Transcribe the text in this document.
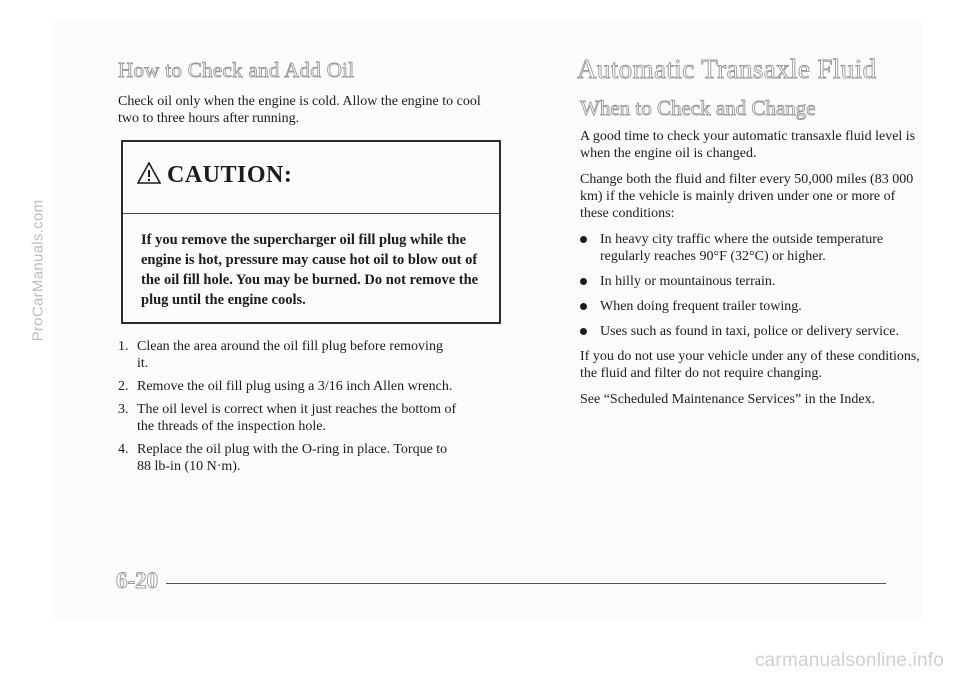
ProCarManuals.com
How to Check and Add Oil

Check oil only when the engine is cold. Allow the engine to cool two to three hours after running.

CAUTION:
If you remove the supercharger oil fill plug while the engine is hot, pressure may cause hot oil to blow out of the oil fill hole. You may be burned. Do not remove the plug until the engine cools.
1. Clean the area around the oil fill plug before removing it.
2. Remove the oil fill plug using a 3/16 inch Allen wrench.
3. The oil level is correct when it just reaches the bottom of the threads of the inspection hole.
4. Replace the oil plug with the O-ring in place. Torque to 88 lb-in (10 N·m).
Automatic Transaxle Fluid
When to Check and Change

A good time to check your automatic transaxle fluid level is when the engine oil is changed.

Change both the fluid and filter every 50,000 miles (83 000 km) if the vehicle is mainly driven under one or more of these conditions:

In heavy city traffic where the outside temperature regularly reaches 90°F (32°C) or higher.
In hilly or mountainous terrain.
When doing frequent trailer towing.
Uses such as found in taxi, police or delivery service.

If you do not use your vehicle under any of these conditions, the fluid and filter do not require changing.

See “Scheduled Maintenance Services” in the Index.

6-20
carmanualsonline.info
